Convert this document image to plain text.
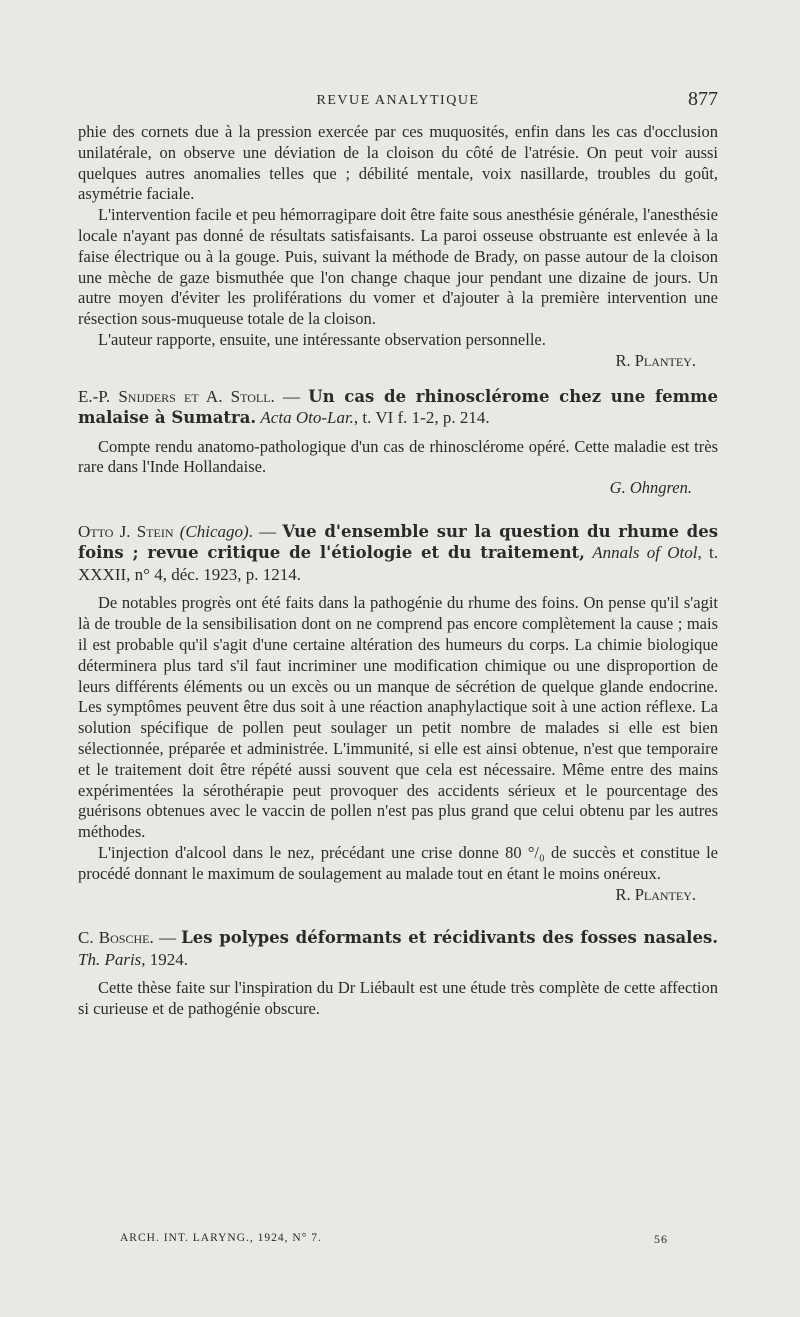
REVUE ANALYTIQUE	877

phie des cornets due à la pression exercée par ces muquosités, enfin dans les cas d'occlusion unilatérale, on observe une déviation de la cloison du côté de l'atrésie. On peut voir aussi quelques autres anomalies telles que ; débilité mentale, voix nasillarde, troubles du goût, asymétrie faciale.

L'intervention facile et peu hémorragipare doit être faite sous anesthésie générale, l'anesthésie locale n'ayant pas donné de résultats satisfaisants. La paroi osseuse obstruante est enlevée à la faise électrique ou à la gouge. Puis, suivant la méthode de Brady, on passe autour de la cloison une mèche de gaze bismuthée que l'on change chaque jour pendant une dizaine de jours. Un autre moyen d'éviter les proliférations du vomer et d'ajouter à la première intervention une résection sous-muqueuse totale de la cloison.

L'auteur rapporte, ensuite, une intéressante observation personnelle.

R. Plantey.

E.-P. Snijders et A. Stoll. — Un cas de rhinosclérome chez une femme malaise à Sumatra. Acta Oto-Lar., t. VI f. 1-2, p. 214.

Compte rendu anatomo-pathologique d'un cas de rhinosclérome opéré. Cette maladie est très rare dans l'Inde Hollandaise.

G. Ohngren.

Otto J. Stein (Chicago). — Vue d'ensemble sur la question du rhume des foins ; revue critique de l'étiologie et du traitement, Annals of Otol, t. XXXII, n° 4, déc. 1923, p. 1214.

De notables progrès ont été faits dans la pathogénie du rhume des foins. On pense qu'il s'agit là de trouble de la sensibilisation dont on ne comprend pas encore complètement la cause ; mais il est probable qu'il s'agit d'une certaine altération des humeurs du corps. La chimie biologique déterminera plus tard s'il faut incriminer une modification chimique ou une disproportion de leurs différents éléments ou un excès ou un manque de sécrétion de quelque glande endocrine. Les symptômes peuvent être dus soit à une réaction anaphylactique soit à une action réflexe. La solution spécifique de pollen peut soulager un petit nombre de malades si elle est bien sélectionnée, préparée et administrée. L'immunité, si elle est ainsi obtenue, n'est que temporaire et le traitement doit être répété aussi souvent que cela est nécessaire. Même entre des mains expérimentées la sérothérapie peut provoquer des accidents sérieux et le pourcentage des guérisons obtenues avec le vaccin de pollen n'est pas plus grand que celui obtenu par les autres méthodes.

L'injection d'alcool dans le nez, précédant une crise donne 80 °/₀ de succès et constitue le procédé donnant le maximum de soulagement au malade tout en étant le moins onéreux.

R. Plantey.

C. Bosche. — Les polypes déformants et récidivants des fosses nasales. Th. Paris, 1924.

Cette thèse faite sur l'inspiration du Dr Liébault est une étude très complète de cette affection si curieuse et de pathogénie obscure.

ARCH. INT. LARYNG., 1924, N° 7.	56
